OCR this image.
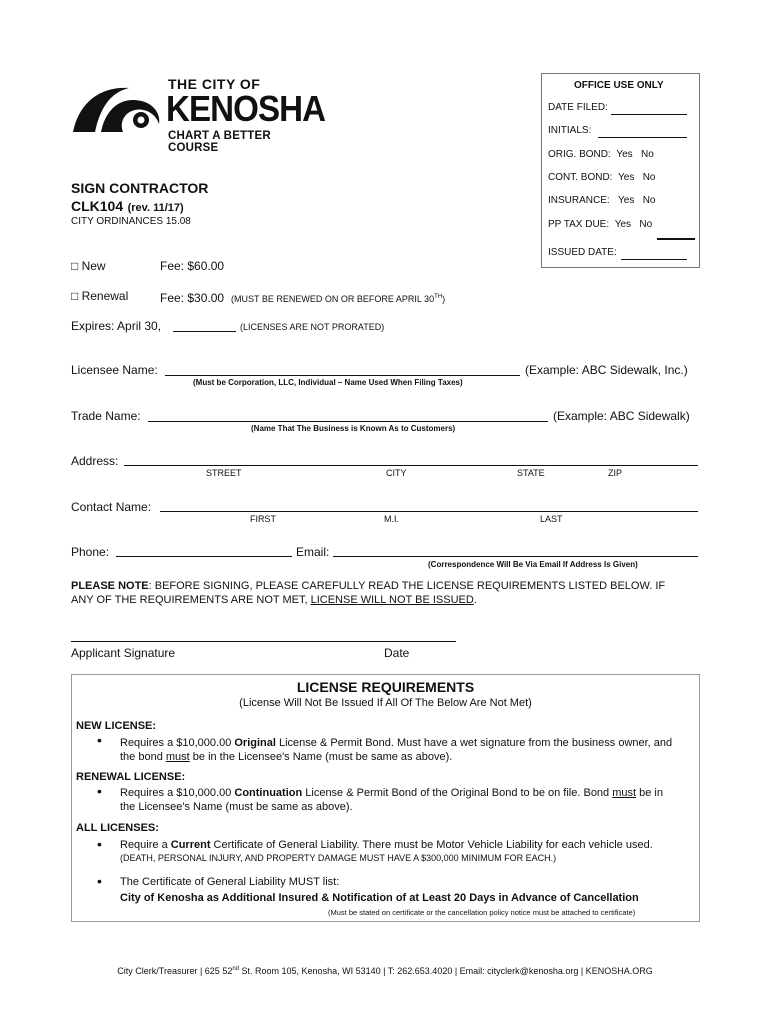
THE CITY OF
KENOSHA
CHART A BETTER COURSE
OFFICE USE ONLY
DATE FILED:
INITIALS:
ORIG. BOND: Yes No
CONT. BOND: Yes No
INSURANCE: Yes No
PP TAX DUE: Yes No
ISSUED DATE:
SIGN CONTRACTOR
CLK104 (rev. 11/17)
CITY ORDINANCES 15.08
□ New	Fee: $60.00
□ Renewal	Fee: $30.00 (MUST BE RENEWED ON OR BEFORE APRIL 30TH)
Expires: April 30,	(LICENSES ARE NOT PRORATED)
Licensee Name:	(Example: ABC Sidewalk, Inc.)
(Must be Corporation, LLC, Individual – Name Used When Filing Taxes)
Trade Name:	(Example: ABC Sidewalk)
(Name That The Business is Known As to Customers)
Address:
STREET	CITY	STATE	ZIP
Contact Name:
FIRST	M.I.	LAST
Phone:	Email:
(Correspondence Will Be Via Email If Address Is Given)
PLEASE NOTE: BEFORE SIGNING, PLEASE CAREFULLY READ THE LICENSE REQUIREMENTS LISTED BELOW. IF
ANY OF THE REQUIREMENTS ARE NOT MET, LICENSE WILL NOT BE ISSUED.
Applicant Signature	Date
LICENSE REQUIREMENTS
(License Will Not Be Issued If All Of The Below Are Not Met)
NEW LICENSE:
• Requires a $10,000.00 Original License & Permit Bond. Must have a wet signature from the business owner, and
the bond must be in the Licensee's Name (must be same as above).
RENEWAL LICENSE:
• Requires a $10,000.00 Continuation License & Permit Bond of the Original Bond to be on file. Bond must be in
the Licensee's Name (must be same as above).
ALL LICENSES:
• Require a Current Certificate of General Liability. There must be Motor Vehicle Liability for each vehicle used.
(DEATH, PERSONAL INJURY, AND PROPERTY DAMAGE MUST HAVE A $300,000 MINIMUM FOR EACH.)
• The Certificate of General Liability MUST list:
City of Kenosha as Additional Insured & Notification of at Least 20 Days in Advance of Cancellation
(Must be stated on certificate or the cancellation policy notice must be attached to certificate)
City Clerk/Treasurer | 625 52nd St. Room 105, Kenosha, WI 53140 | T: 262.653.4020 | Email: cityclerk@kenosha.org | KENOSHA.ORG
